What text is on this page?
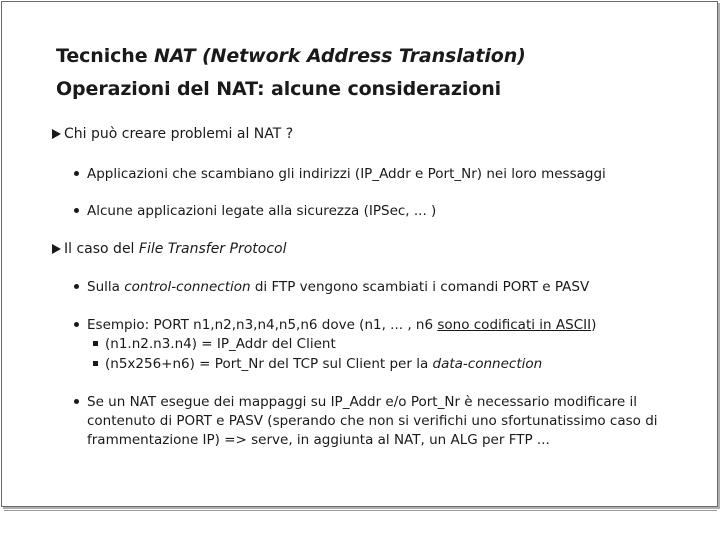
Tecniche NAT (Network Address Translation)
Operazioni del NAT: alcune considerazioni
Chi può creare problemi al NAT ?
Applicazioni che scambiano gli indirizzi (IP_Addr e Port_Nr) nei loro messaggi
Alcune applicazioni legate alla sicurezza (IPSec, ... )
Il caso del File Transfer Protocol
Sulla control-connection di FTP vengono scambiati i comandi PORT e PASV
Esempio: PORT n1,n2,n3,n4,n5,n6 dove (n1, ... , n6 sono codificati in ASCII)
(n1.n2.n3.n4) = IP_Addr del Client
(n5x256+n6) = Port_Nr del TCP sul Client per la data-connection
Se un NAT esegue dei mappaggi su IP_Addr e/o Port_Nr è necessario modificare il
contenuto di PORT e PASV (sperando che non si verifichi uno sfortunatissimo caso di
frammentazione IP) => serve, in aggiunta al NAT, un ALG per FTP ...
